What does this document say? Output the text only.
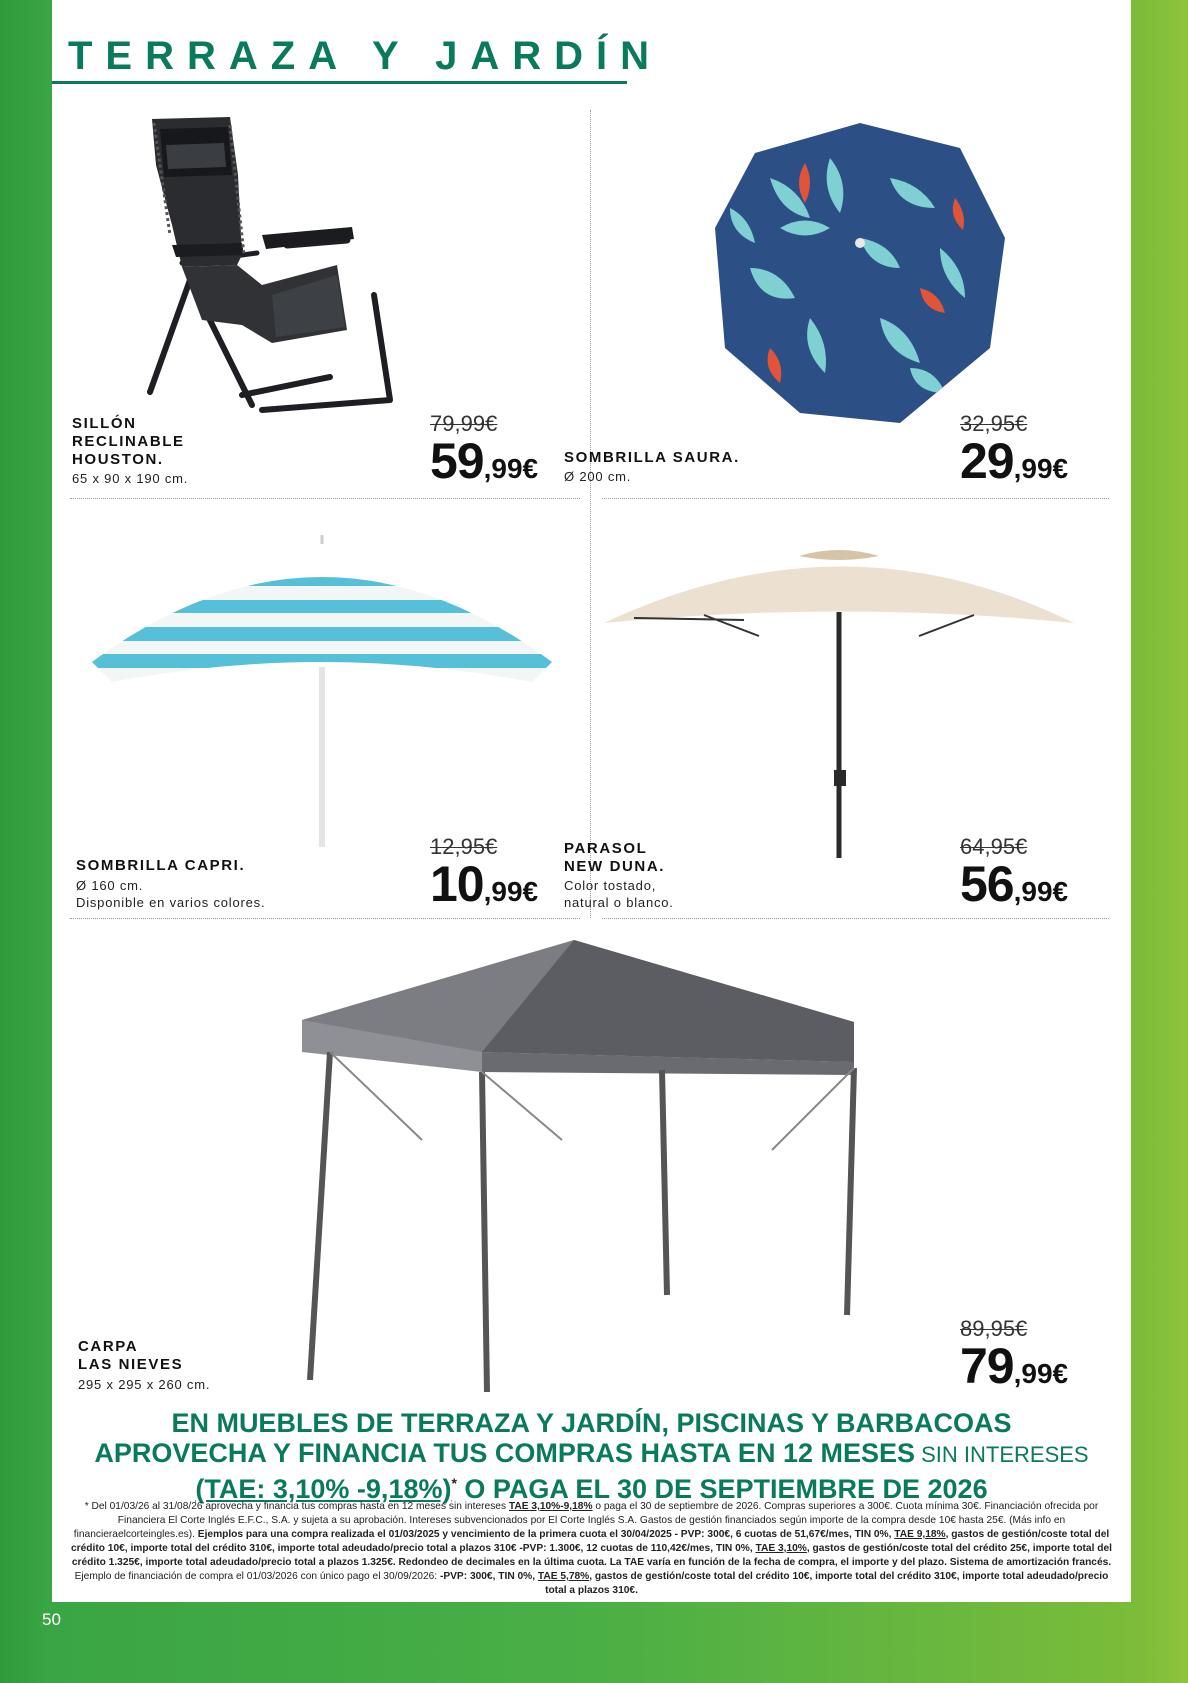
TERRAZA Y JARDÍN

SILLÓN
RECLINABLE
HOUSTON.

65 x 90 x 190 cm.

79,99€
59,99€ SOMBRILLA SAURA.

Ø 200 cm.

32,95€
29,99€

SOMBRILLA CAPRI.

Ø 160 cm.
Disponible en varios colores.

12,95€
10,99€

PARASOL
NEW DUNA.

Color tostado,
natural o blanco.

64,95€
56,99€

CARPA
LAS NIEVES

295 x 295 x 260 cm.

89,95€
79,99€

EN MUEBLES DE TERRAZA Y JARDÍN, PISCINAS Y BARBACOAS

APROVECHA Y FINANCIA TUS COMPRAS HASTA EN 12 MESES SIN INTERESES

(TAE: 3,10% -9,18%)* O PAGA EL 30 DE SEPTIEMBRE DE 2026

* Del 01/03/26 al 31/08/26 aprovecha y financia tus compras hasta en 12 meses sin intereses TAE 3,10%-9,18% o paga el 30 de septiembre de 2026. Compras superiores a 300€. Cuota mínima 30€. Financiación ofrecida por Financiera El Corte Inglés E.F.C., S.A. y sujeta a su aprobación. Intereses subvencionados por El Corte Inglés S.A. Gastos de gestión financiados según importe de la compra desde 10€ hasta 25€. (Más info en financieraelcorteingles.es). Ejemplos para una compra realizada el 01/03/2025 y vencimiento de la primera cuota el 30/04/2025 - PVP: 300€, 6 cuotas de 51,67€/mes, TIN 0%, TAE 9,18%, gastos de gestión/coste total del crédito 10€, importe total del crédito 310€, importe total adeudado/precio total a plazos 310€ -PVP: 1.300€, 12 cuotas de 110,42€/mes, TIN 0%, TAE 3,10%, gastos de gestión/coste total del crédito 25€, importe total del crédito 1.325€, importe total adeudado/precio total a plazos 1.325€. Redondeo de decimales en la última cuota. La TAE varía en función de la fecha de compra, el importe y del plazo. Sistema de amortización francés. Ejemplo de financiación de compra el 01/03/2026 con único pago el 30/09/2026: -PVP: 300€, TIN 0%, TAE 5,78%, gastos de gestión/coste total del crédito 10€, importe total del crédito 310€, importe total adeudado/precio total a plazos 310€.

50
